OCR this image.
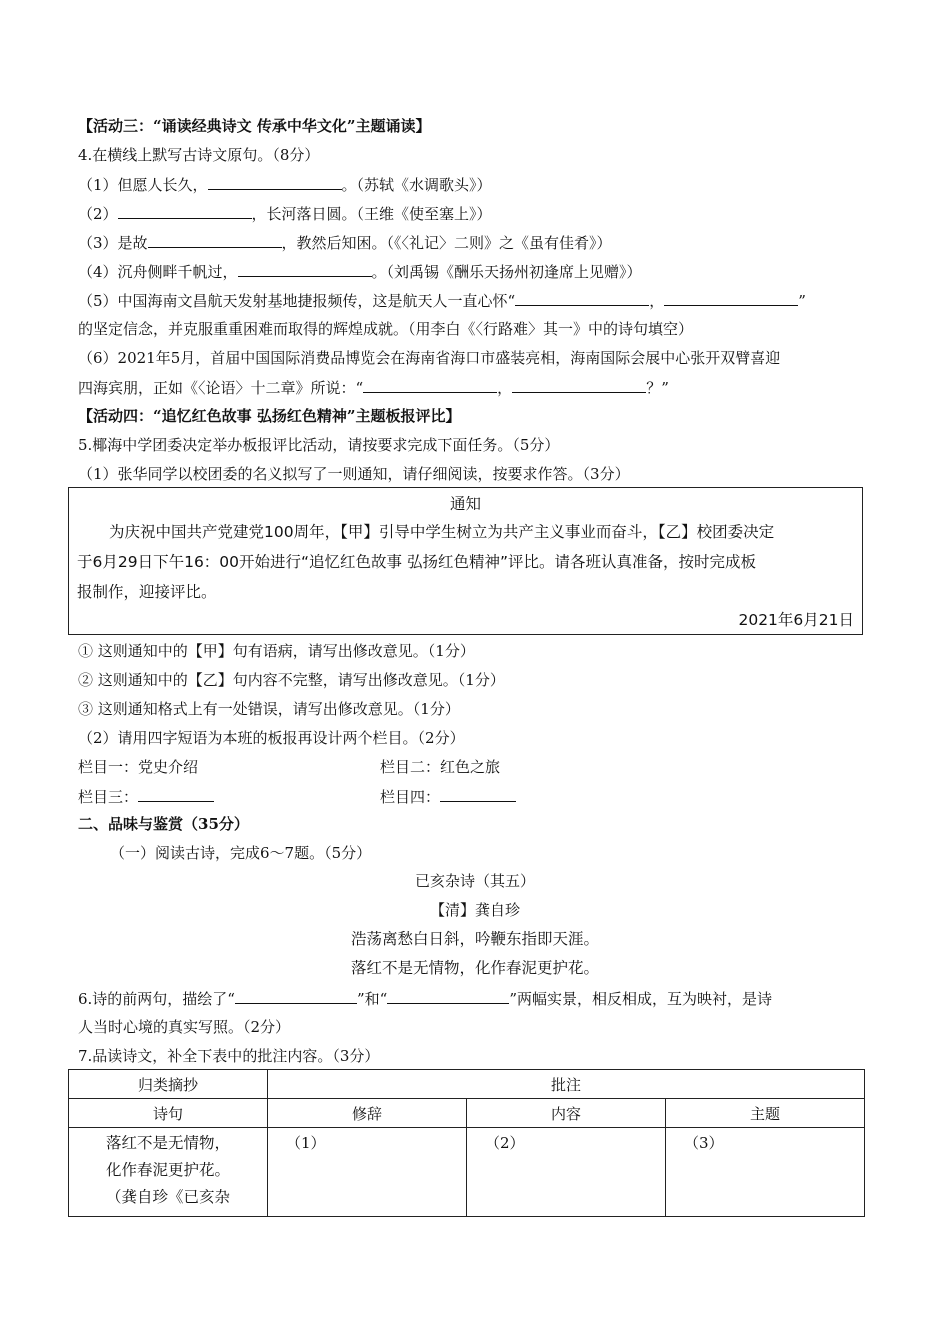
【活动三：“诵读经典诗文 传承中华文化”主题诵读】
4.在横线上默写古诗文原句。（8分）
（1）但愿人长久，	。（苏轼《水调歌头》）
（2）	，长河落日圆。（王维《使至塞上》）
（3）是故	，教然后知困。（《〈礼记〉二则》之《虽有佳肴》）
（4）沉舟侧畔千帆过，	。（刘禹锡《酬乐天扬州初逢席上见赠》）
（5）中国海南文昌航天发射基地捷报频传，这是航天人一直心怀“	，	”
的坚定信念，并克服重重困难而取得的辉煌成就。（用李白《〈行路难〉其一》中的诗句填空）
（6）2021年5月，首届中国国际消费品博览会在海南省海口市盛装亮相，海南国际会展中心张开双臂喜迎
四海宾朋，正如《〈论语〉十二章》所说：“	，	？”
【活动四：“追忆红色故事 弘扬红色精神”主题板报评比】
5.椰海中学团委决定举办板报评比活动，请按要求完成下面任务。（5分）
（1）张华同学以校团委的名义拟写了一则通知，请仔细阅读，按要求作答。（3分）
通知
为庆祝中国共产党建党100周年，【甲】引导中学生树立为共产主义事业而奋斗，【乙】校团委决定
于6月29日下午16：00开始进行“追忆红色故事 弘扬红色精神”评比。请各班认真准备，按时完成板
报制作，迎接评比。
2021年6月21日
① 这则通知中的【甲】句有语病，请写出修改意见。（1分）
② 这则通知中的【乙】句内容不完整，请写出修改意见。（1分）
③ 这则通知格式上有一处错误，请写出修改意见。（1分）
（2）请用四字短语为本班的板报再设计两个栏目。（2分）
栏目一：党史介绍	栏目二：红色之旅
栏目三：	栏目四：
二、品味与鉴赏（35分）
（一）阅读古诗，完成6～7题。（5分）
已亥杂诗（其五）
【清】龚自珍
浩荡离愁白日斜，吟鞭东指即天涯。
落红不是无情物，化作春泥更护花。
6.诗的前两句，描绘了“	”和“	”两幅实景，相反相成，互为映衬，是诗
人当时心境的真实写照。（2分）
7.品读诗文，补全下表中的批注内容。（3分）
归类摘抄	批注		
诗句	修辞	内容	主题

落红不是无情物，
化作春泥更护花。
（龚自珍《已亥杂	（1）	（2）	（3）
